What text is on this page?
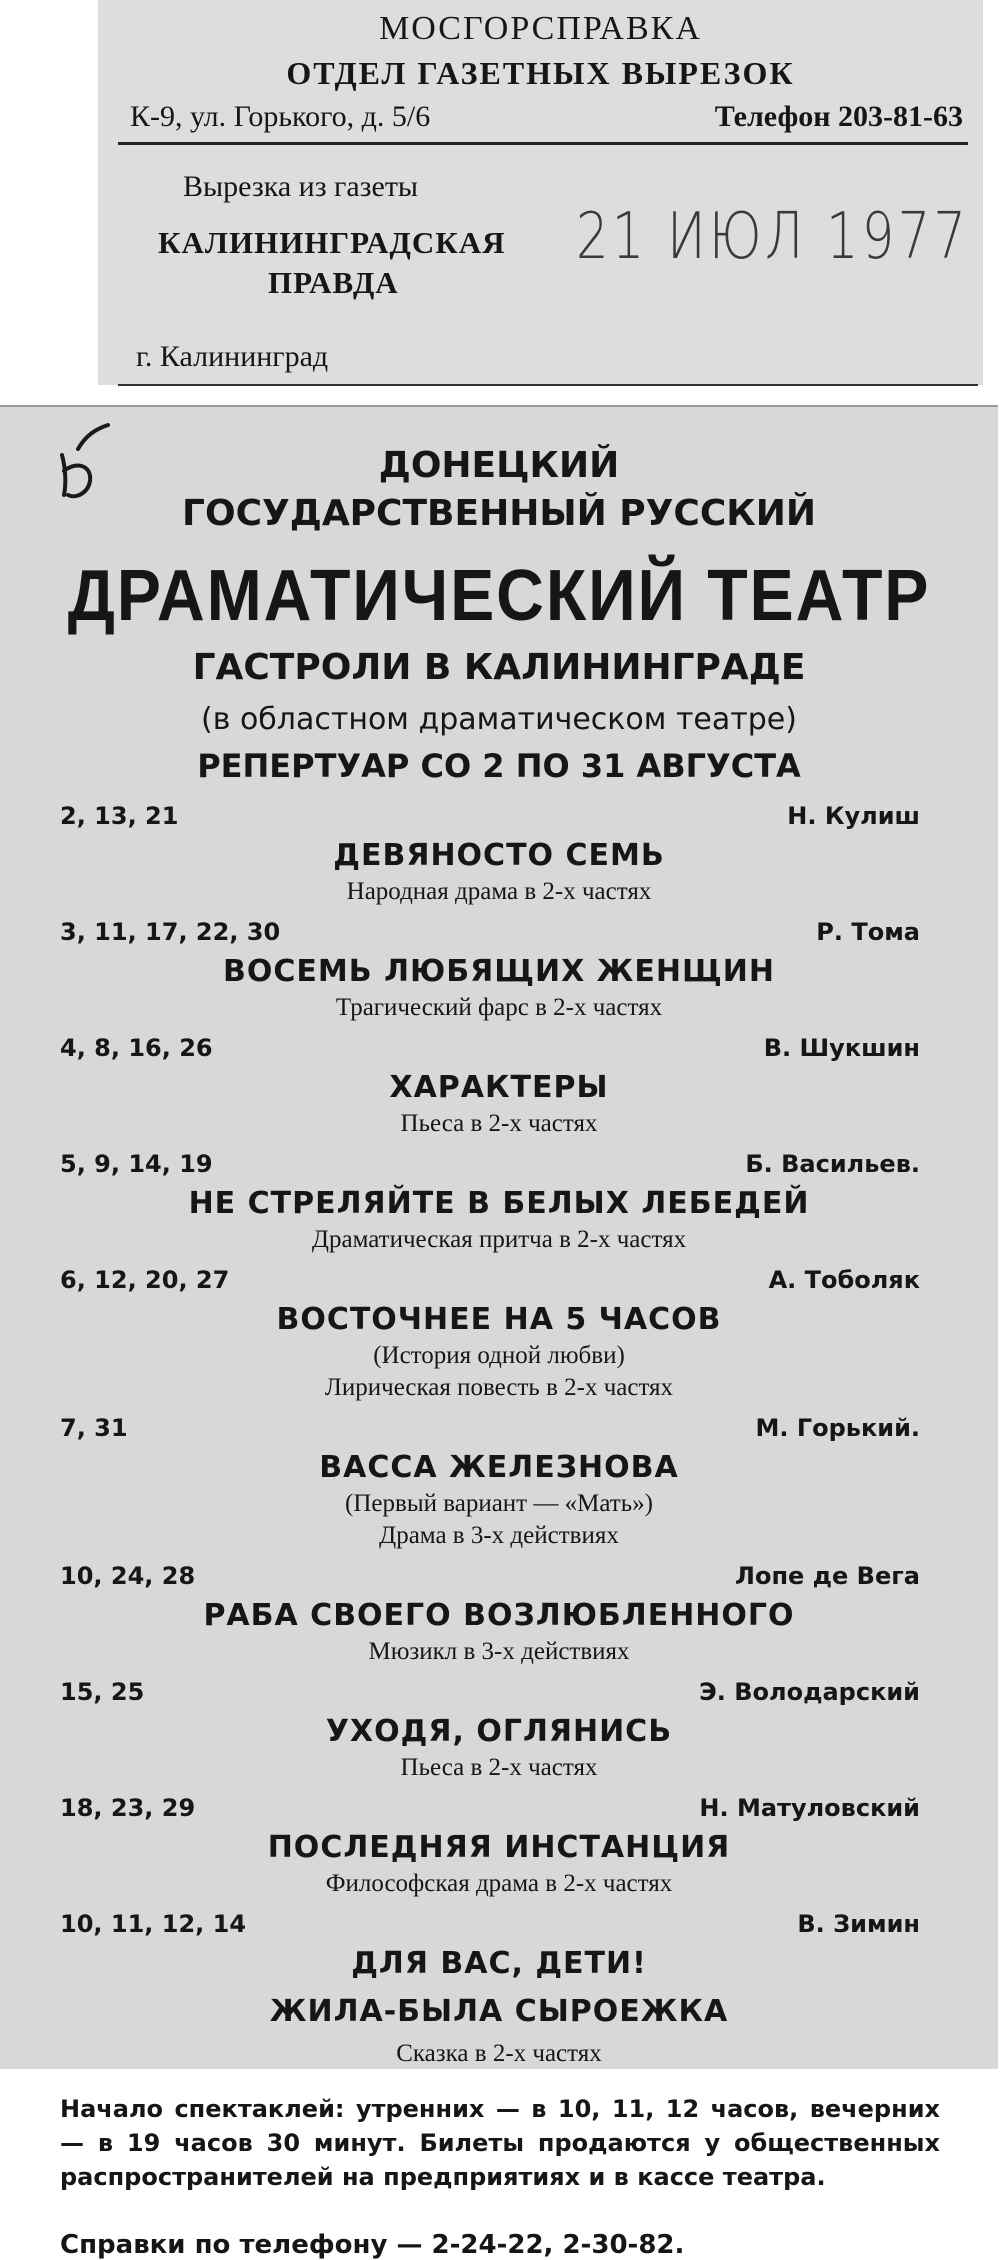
МОСГОРСПРАВКА
ОТДЕЛ ГАЗЕТНЫХ ВЫРЕЗОК
К-9, ул. Горького, д. 5/6	Телефон 203-81-63
Вырезка из газеты
КАЛИНИНГРАДСКАЯ
ПРАВДА
21 ИЮЛ 1977
г. Калининград
ДОНЕЦКИЙ
ГОСУДАРСТВЕННЫЙ РУССКИЙ
ДРАМАТИЧЕСКИЙ ТЕАТР
ГАСТРОЛИ В КАЛИНИНГРАДЕ
(в областном драматическом театре)
РЕПЕРТУАР СО 2 ПО 31 АВГУСТА
2, 13, 21	Н. Кулиш
ДЕВЯНОСТО СЕМЬ
Народная драма в 2-х частях
3, 11, 17, 22, 30	Р. Тома
ВОСЕМЬ ЛЮБЯЩИХ ЖЕНЩИН
Трагический фарс в 2-х частях
4, 8, 16, 26	В. Шукшин
ХАРАКТЕРЫ
Пьеса в 2-х частях
5, 9, 14, 19	Б. Васильев.
НЕ СТРЕЛЯЙТЕ В БЕЛЫХ ЛЕБЕДЕЙ
Драматическая притча в 2-х частях
6, 12, 20, 27	А. Тоболяк
ВОСТОЧНЕЕ НА 5 ЧАСОВ
(История одной любви)
Лирическая повесть в 2-х частях
7, 31	М. Горький.
ВАССА ЖЕЛЕЗНОВА
(Первый вариант — «Мать»)
Драма в 3-х действиях
10, 24, 28	Лопе де Вега
РАБА СВОЕГО ВОЗЛЮБЛЕННОГО
Мюзикл в 3-х действиях
15, 25	Э. Володарский
УХОДЯ, ОГЛЯНИСЬ
Пьеса в 2-х частях
18, 23, 29	Н. Матуловский
ПОСЛЕДНЯЯ ИНСТАНЦИЯ
Философская драма в 2-х частях
10, 11, 12, 14	В. Зимин
ДЛЯ ВАС, ДЕТИ!
ЖИЛА-БЫЛА СЫРОЕЖКА
Сказка в 2-х частях
Начало спектаклей: утренних — в 10, 11, 12 часов, вечерних — в 19 часов 30 минут. Билеты продаются у общественных распространителей на предприятиях и в кассе театра.
Справки по телефону — 2-24-22, 2-30-82.
